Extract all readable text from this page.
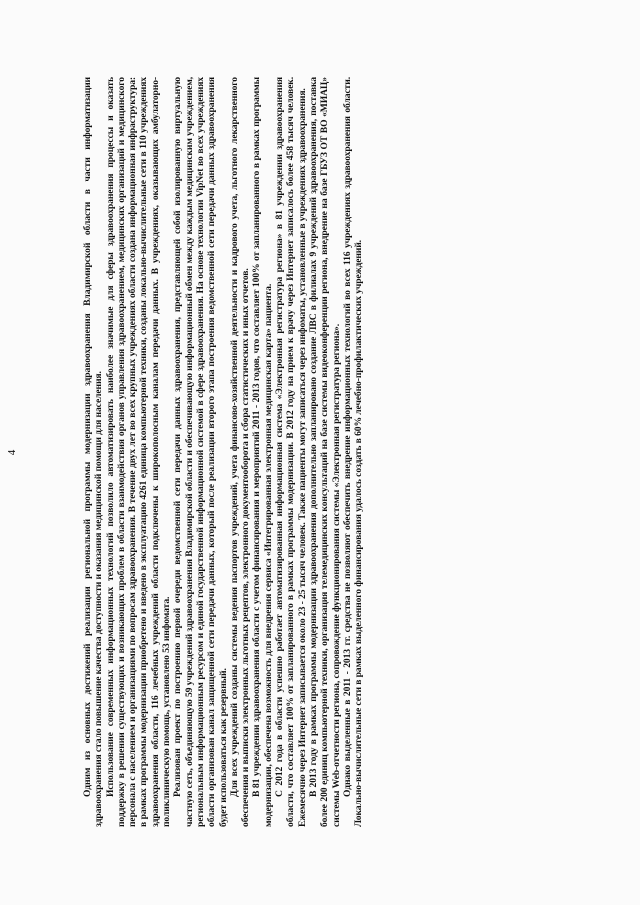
4	Одним из основных достижений реализации региональной программы модернизации здравоохранения Владимирской области в части информатизации здравоохранения стало повышение качества доступности и оказания медицинской помощи для населения. Использование современных информационных технологий позволило автоматизировать наиболее значимые для сферы здравоохранения процессы и оказать поддержку в решении существующих и возникающих проблем в области взаимодействия органов управления здравоохранением, медицинских организаций и медицинского персонала с населением и организациями по вопросам здравоохранения. В течение двух лет во всех крупных учреждениях области создана информационная инфраструктура: в рамках программы модернизации приобретено и введено в эксплуатацию 4261 единица компьютерной техники, созданы локально-вычислительные сети в 110 учреждениях здравоохранения области, 116 лечебных учреждений области подключены к широкополосным каналам передачи данных. В учреждениях, оказывающих амбулаторно-поликлиническую помощь, установлено 53 инфомата. Реализован проект по построению первой очереди ведомственной сети передачи данных здравоохранения, представляющей собой изолированную виртуальную частную сеть, объединяющую 59 учреждений здравоохранения Владимирской области и обеспечивающую информационный обмен между каждым медицинским учреждением, региональным информационным ресурсом и единой государственной информационной системой в сфере здравоохранения. На основе технологии VipNet во всех учреждениях области организован канал защищенной сети передачи данных, который после реализации второго этапа построения ведомственной сети передачи данных здравоохранения будет использоваться как резервный. Для всех учреждений созданы системы ведения паспортов учреждений, учета финансово-хозяйственной деятельности и кадрового учета, льготного лекарственного обеспечения и выписки электронных льготных рецептов, электронного документооборота и сбора статистических и иных отчетов. В 81 учреждении здравоохранения области с учетом финансирования и мероприятий 2011 - 2013 годов, что составляет 100% от запланированного в рамках программы модернизации, обеспечена возможность для внедрения сервиса «Интегрированная электронная медицинская карта» пациента. С 2012 года в области успешно работает автоматизированная информационная система «Электронная регистратура региона» в 81 учреждении здравоохранения области, что составляет 100% от запланированного в рамках программы модернизации. В 2012 году на прием к врачу через Интернет записалось более 458 тысяч человек. Ежемесячно через Интернет записывается около 23 - 25 тысяч человек. Также пациенты могут записаться через инфоматы, установленные в учреждениях здравоохранения. В 2013 году в рамках программы модернизации здравоохранения дополнительно запланировано создание ЛВС в филиалах 9 учреждений здравоохранения, поставка более 200 единиц компьютерной техники, организация телемедицинских консультаций на базе системы видеоконференции региона, внедрение на базе ГБУЗ ОТ ВО «МИАЦ» системы Web-отчетности региона, сопровождение функционирования системы «Электронная регистратура региона». Однако выделенные в 2011 - 2013 гг. средства не позволяют обеспечить внедрение информационных технологий во всех 116 учреждениях здравоохранения области. Локально-вычислительные сети в рамках выделенного финансирования удалось создать в 60% лечебно-профилактических учреждений.
